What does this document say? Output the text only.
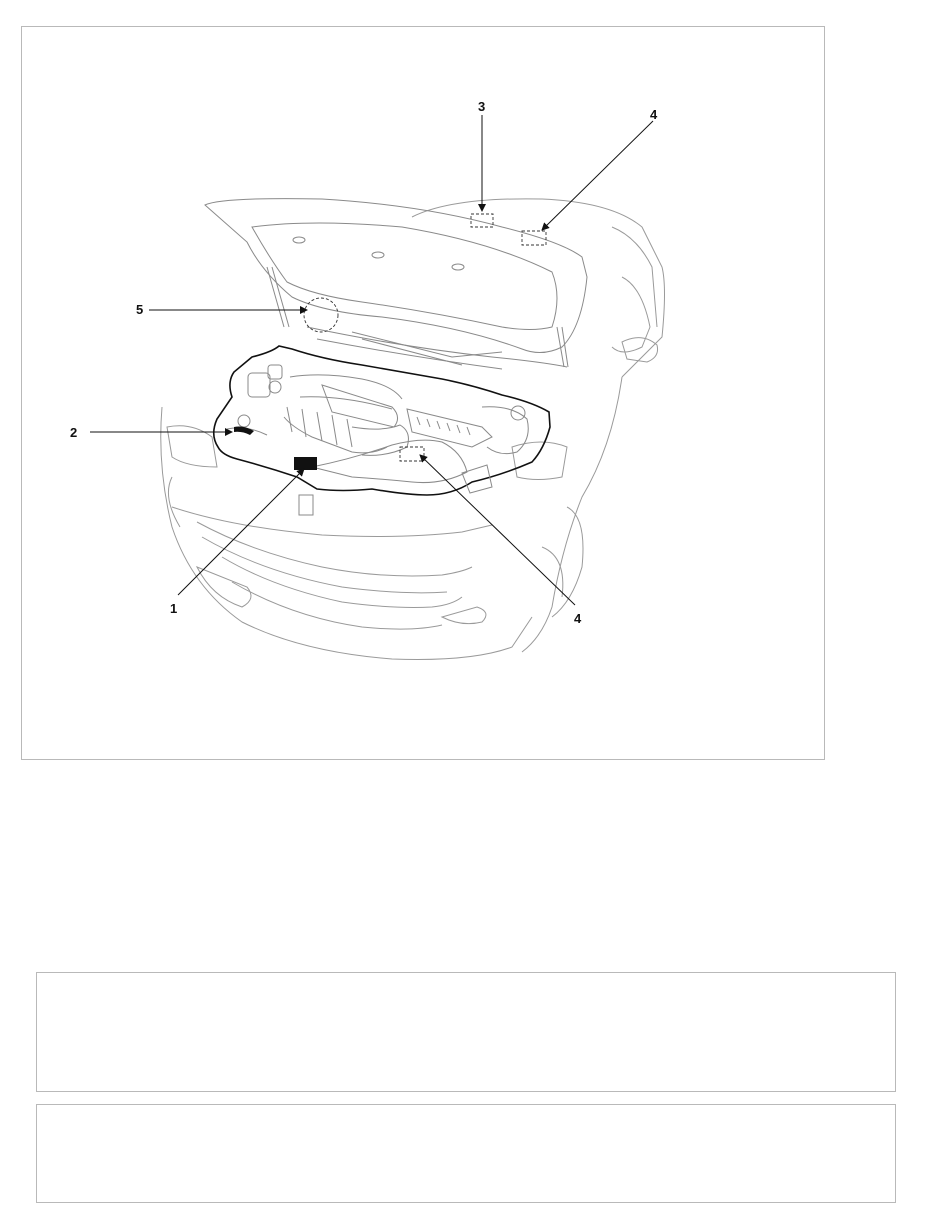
3
4
5
2
1
4
